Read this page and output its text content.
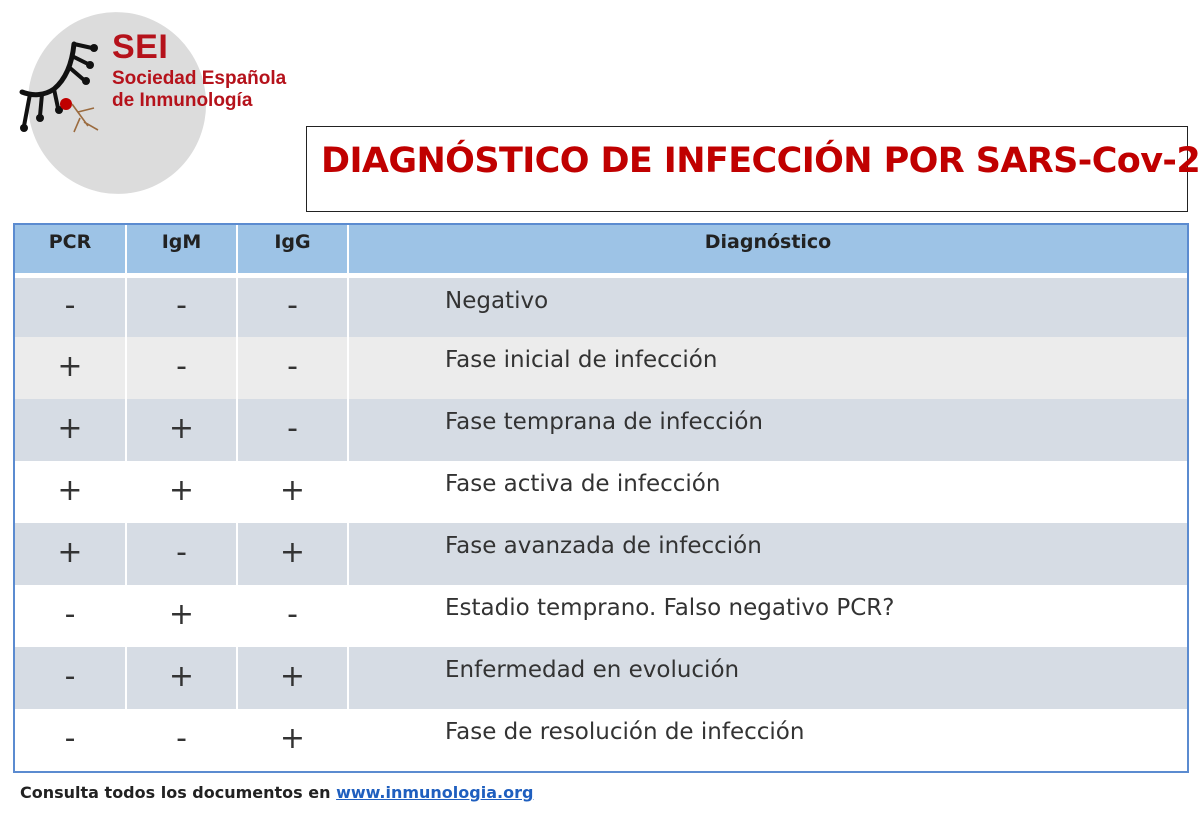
SEI
Sociedad Española
de Inmunología
DIAGNÓSTICO DE INFECCIÓN POR SARS-Cov-2
PCR	IgM	IgG	Diagnóstico
-	-	-	Negativo
+	-	-	Fase inicial de infección
+	+	-	Fase temprana de infección
+	+	+	Fase activa de infección
+	-	+	Fase avanzada de infección
-	+	-	Estadio temprano. Falso negativo PCR?
-	+	+	Enfermedad en evolución
-	-	+	Fase de resolución de infección
Consulta todos los documentos en www.inmunologia.org
